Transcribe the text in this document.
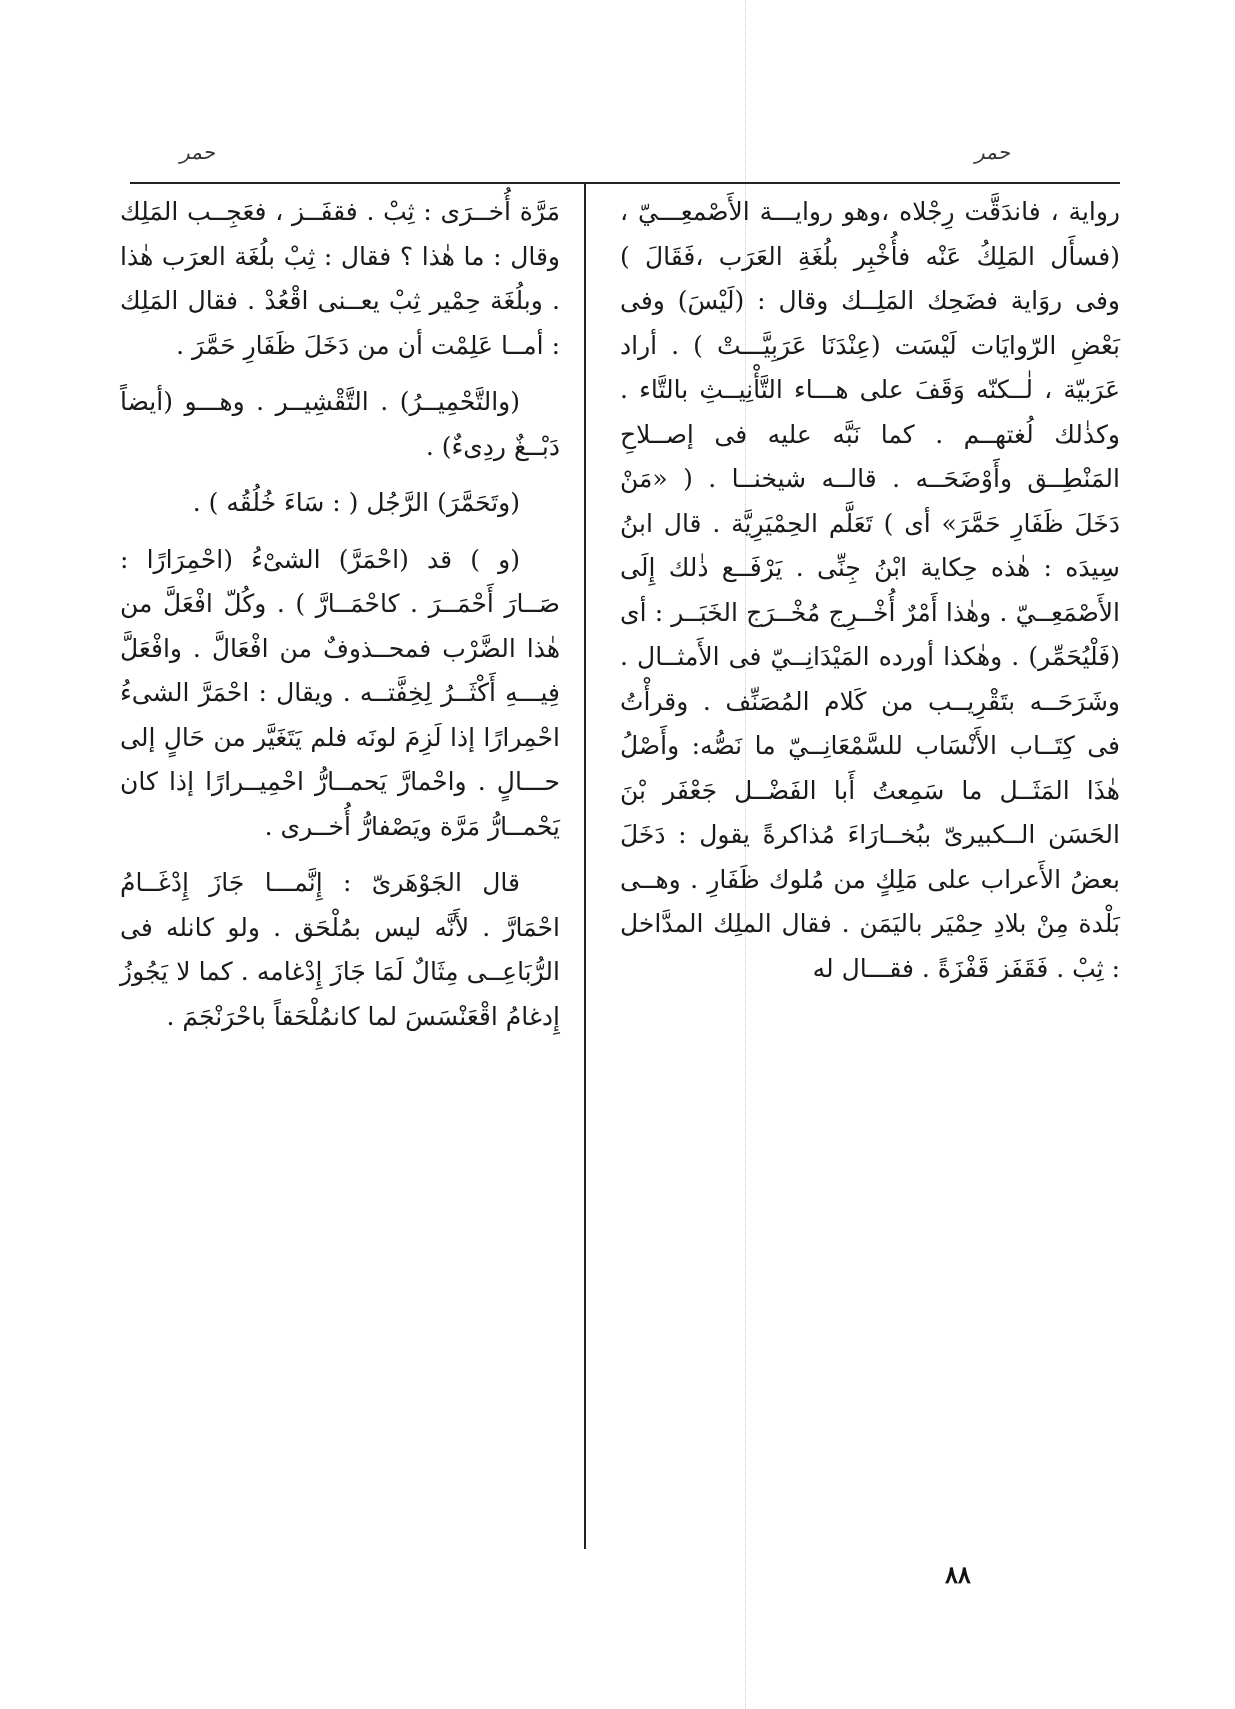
حمر
حمر

رواية ، فاندَقَّت رِجْلاه ،وهو روايـــة الأَصْمعِـــيّ ، (فسأَل المَلِكُ عَنْه فأُخْبِر بلُغَةِ العَرَب ،فَقَالَ ) وفى روَاية فضَحِك المَلِــك وقال : (لَيْسَ) وفى بَعْضِ الرّوايَات لَيْسَت (عِنْدَنَا عَرَبِيَّـــتْ ) . أراد عَرَبيّة ، لٰــكنّه وَقَفَ على هـــاء التَّأْنِيــثِ بالتَّاء . وكذٰلك لُغتهــم . كما نَبَّه عليه فى إصــلاحِ المَنْطِــق وأَوْضَحَــه . قالــه شيخنــا . ( «مَنْ دَخَلَ ظَفَارِ حَمَّرَ» أى ) تَعَلَّم الحِمْيَرِيَّة . قال ابنُ سِيدَه : هٰذه حِكاية ابْنُ جِنِّى . يَرْفَــع ذٰلك إِلَى الأَصْمَعِــيّ . وهٰذا أَمْرٌ أُخْــرِج مُخْــرَج الخَبَــر : أى (فَلْيُحَمِّر) . وهٰكذا أورده المَيْدَانِــيّ فى الأَمثــال . وشَرَحَــه بتَقْرِيــب من كَلام المُصَنِّف . وقرأْتُ فى كِتَــاب الأَنْسَاب للسَّمْعَانِــيّ ما نَصُّه: وأَصْلُ هٰذَا المَثَــل ما سَمِعتُ أَبا الفَضْــل جَعْفَر بْنَ الحَسَن الــكبيرىّ ببُخــارَاءَ مُذاكرةً يقول : دَخَلَ بعضُ الأَعراب على مَلِكٍ من مُلوك ظَفَارِ . وهــى بَلْدة مِنْ بلادِ حِمْيَر باليَمَن . فقال الملِك المدَّاخل : ثِبْ . فَقَفَز قَفْزَةً . فقـــال له

مَرَّة أُخــرَى : ثِبْ . فقفَــز ، فعَجِــب المَلِك وقال : ما هٰذا ؟ فقال : ثِبْ بلُغَة العرَب هٰذا . وبلُغَة حِمْير ثِبْ يعــنى اقْعُدْ . فقال المَلِك : أمــا عَلِمْت أن من دَخَلَ ظَفَارِ حَمَّرَ .

(والتَّحْمِيــرُ) . التَّقْشِيــر . وهـــو (أيضاً دَبْــغٌ ردِىءٌ) .

(وتَحَمَّرَ) الرَّجُل ( : سَاءَ خُلُقُه ) .

(و ) قد (احْمَرَّ) الشىْءُ (احْمِرَارًا : صَــارَ أَحْمَــرَ . كاحْمَــارَّ ) . وكُلّ افْعَلَّ من هٰذا الضَّرْب فمحــذوفٌ من افْعَالَّ . وافْعَلَّ فِيـــهِ أَكْثَــرُ لِخِفَّتــه . ويقال : احْمَرَّ الشىءُ احْمِرارًا إذا لَزِمَ لونَه فلم يَتَغَيَّر من حَالٍ إلى حـــالٍ . واحْمارَّ يَحمــارُّ احْمِيــرارًا إذا كان يَحْمــارُّ مَرَّة ويَصْفارُّ أُخــرى .

قال الجَوْهَرىّ : إِنَّمـــا جَازَ إِدْغَــامُ احْمَارَّ . لأَنَّه ليس بمُلْحَق . ولو كانله فى الرُّبَاعِــى مِثَالٌ لَمَا جَازَ إِدْغامه . كما لا يَجُوزُ إِدغامُ اقْعَنْسَسَ لما كانمُلْحَقاً باحْرَنْجَمَ .

٨٨
